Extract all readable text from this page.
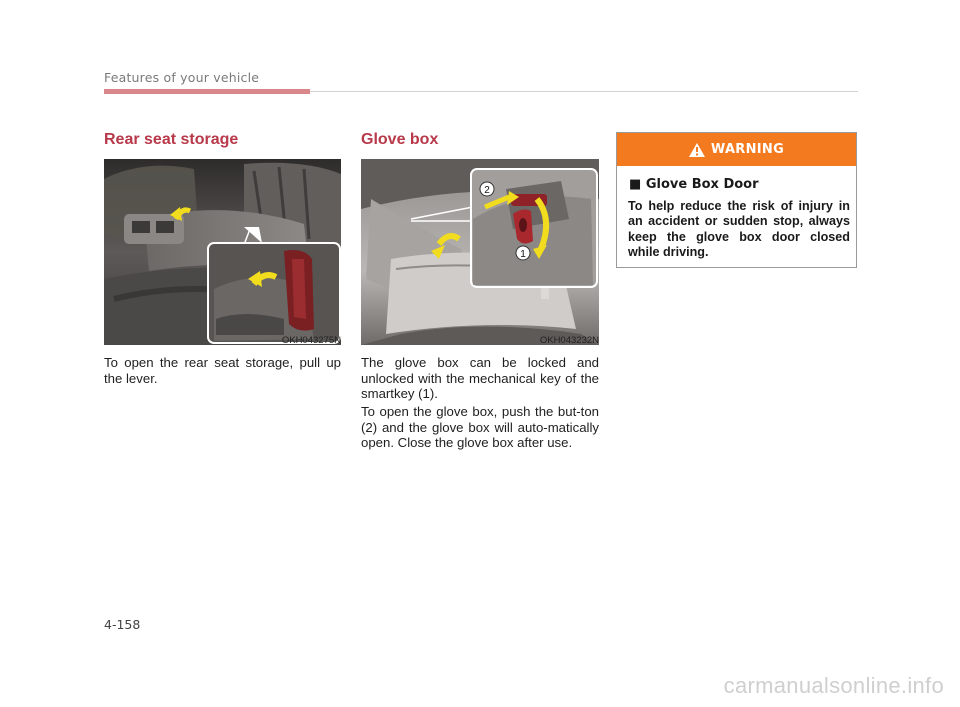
Features of your vehicle
Rear seat storage
OKH043275N

To open the rear seat storage, pull up the lever.

Glove box
2
1
OKH043232N

The glove box can be locked and unlocked with the mechanical key of the smartkey (1).

To open the glove box, push the but-ton (2) and the glove box will auto-matically open. Close the glove box after use.

WARNING
■ Glove Box Door

To help reduce the risk of injury in an accident or sudden stop, always keep the glove box door closed while driving.

4-158
carmanualsonline.info
